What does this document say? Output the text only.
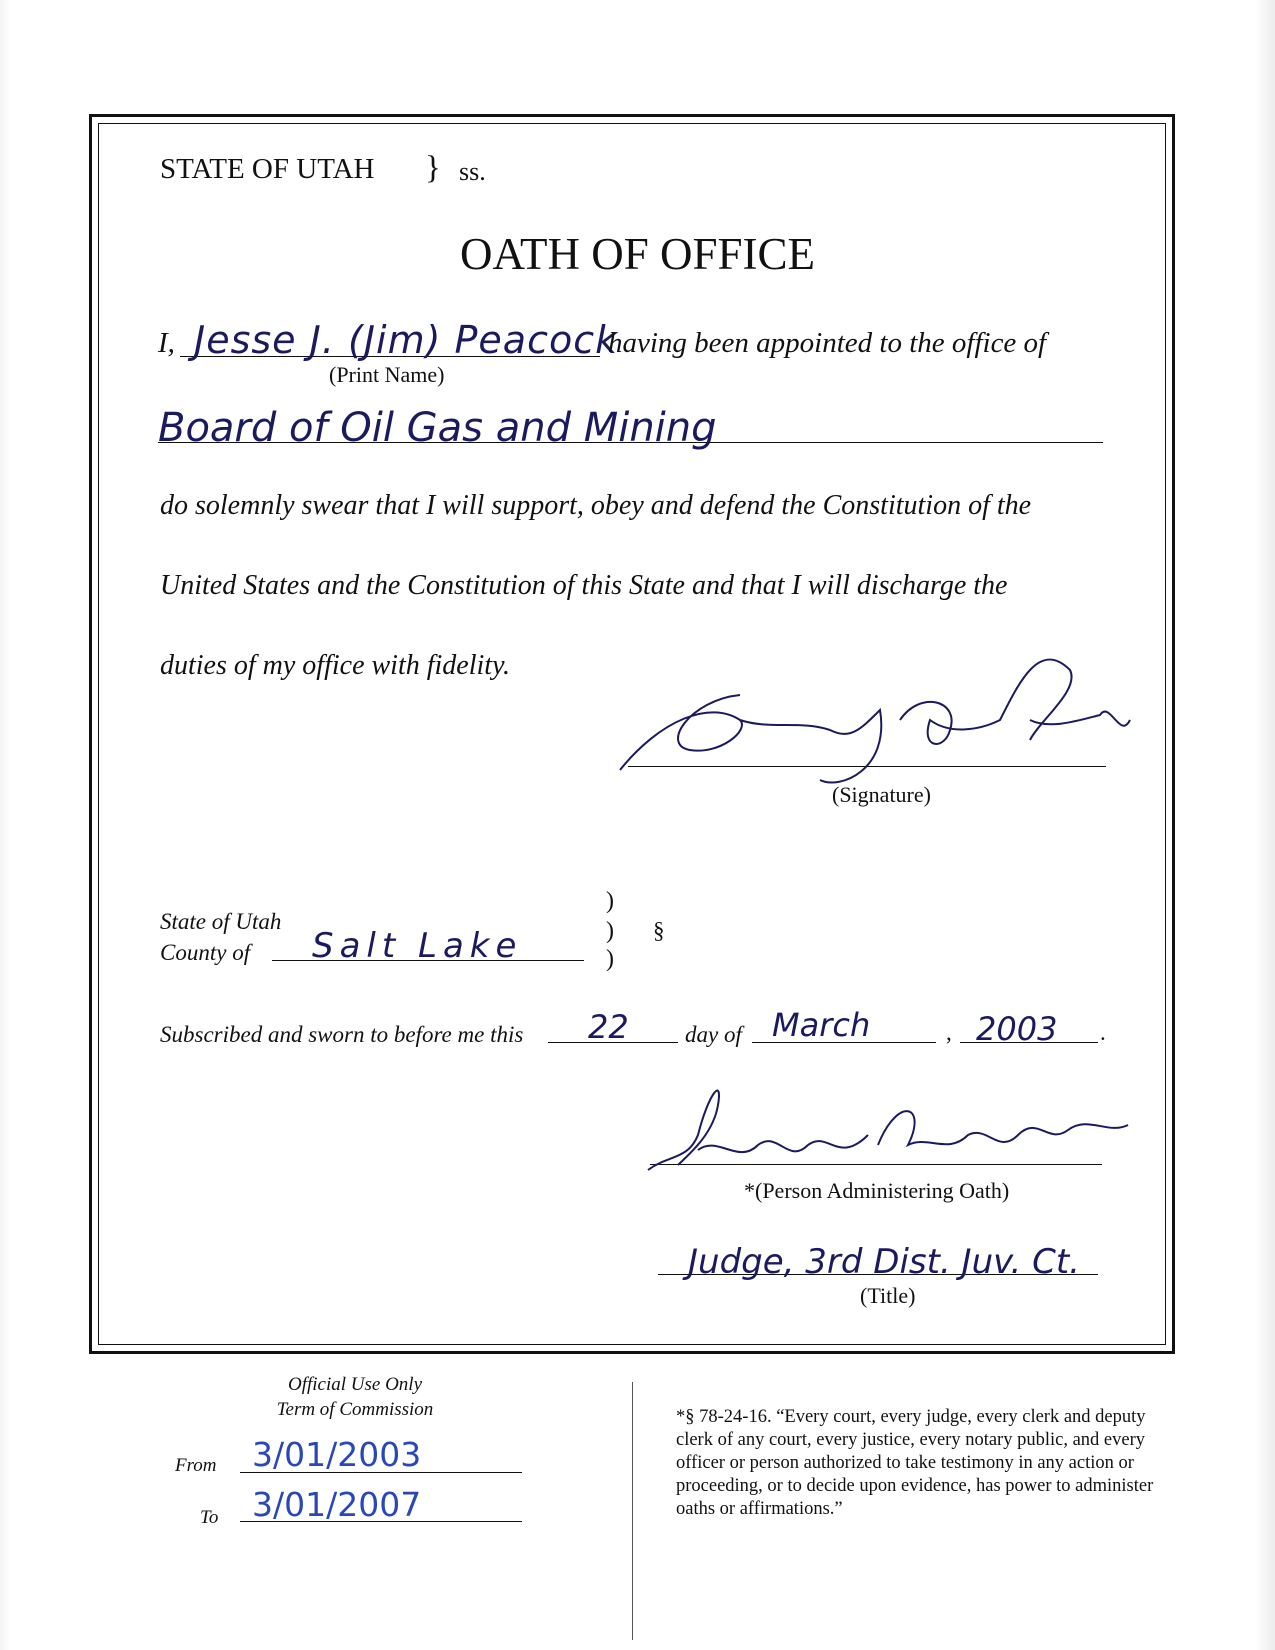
STATE OF UTAH } ss.
OATH OF OFFICE
I, Jesse J. (Jim) Peacock
having been appointed to the office of
(Print Name)
Board of Oil Gas and Mining
do solemnly swear that I will support, obey and defend the Constitution of the
United States and the Constitution of this State and that I will discharge the
duties of my office with fidelity.
(Signature)
State of Utah
County of Salt Lake
)
)
)
§
Subscribed and sworn to before me this 22 day of March	, 2003 .
*(Person Administering Oath)
Judge, 3rd Dist. Juv. Ct.
(Title)
Official Use Only
Term of Commission
From 3/01/2003
To 3/01/2007
*§ 78-24-16. “Every court, every judge, every clerk and deputy clerk of any court, every justice, every notary public, and every officer or person authorized to take testimony in any action or proceeding, or to decide upon evidence, has power to administer oaths or affirmations.”
